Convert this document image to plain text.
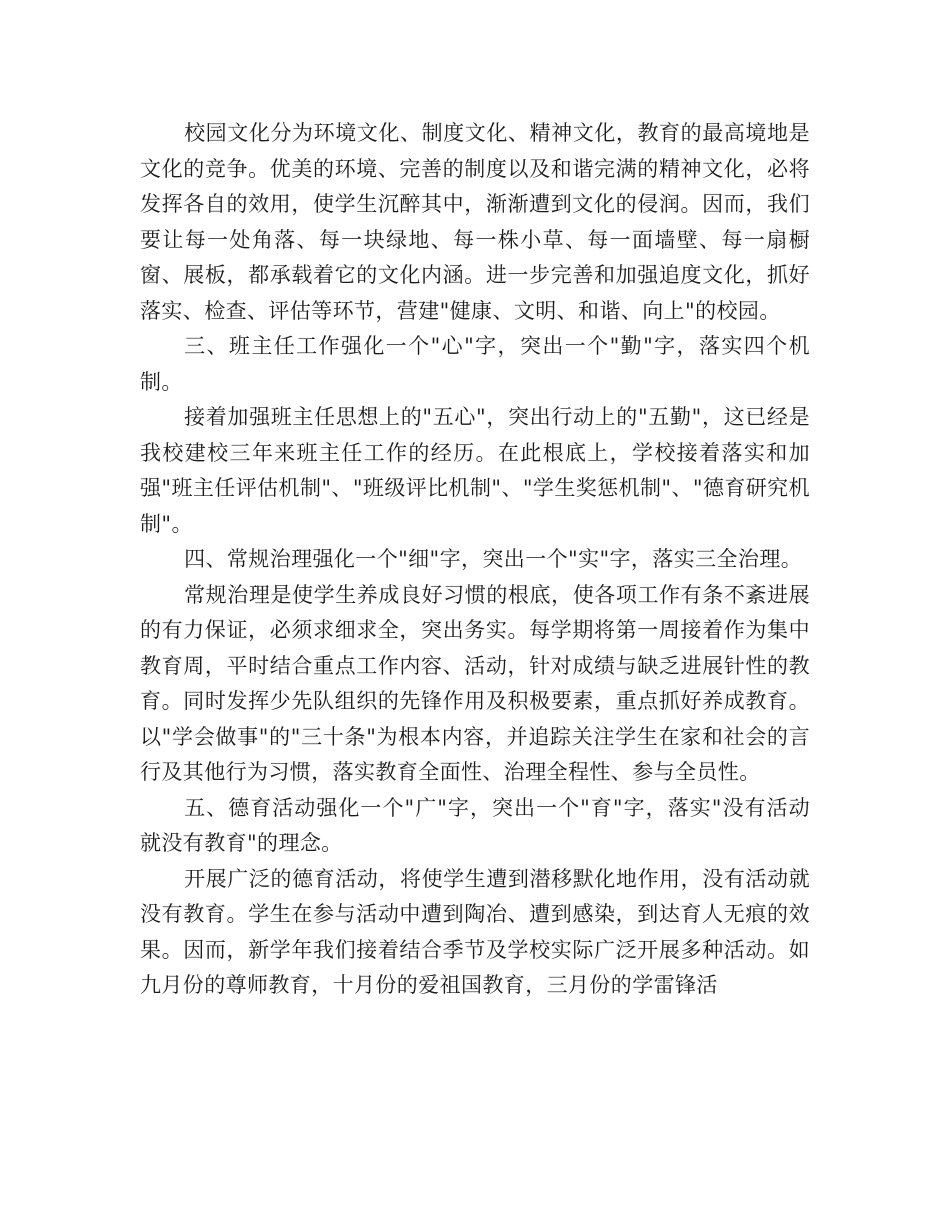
校园文化分为环境文化、制度文化、精神文化，教育的最高境地是文化的竞争。优美的环境、完善的制度以及和谐完满的精神文化，必将发挥各自的效用，使学生沉醉其中，渐渐遭到文化的侵润。因而，我们要让每一处角落、每一块绿地、每一株小草、每一面墙壁、每一扇橱窗、展板，都承载着它的文化内涵。进一步完善和加强追度文化，抓好落实、检查、评估等环节，营建"健康、文明、和谐、向上"的校园。

三、班主任工作强化一个"心"字，突出一个"勤"字，落实四个机制。

接着加强班主任思想上的"五心"，突出行动上的"五勤"，这已经是我校建校三年来班主任工作的经历。在此根底上，学校接着落实和加强"班主任评估机制"、"班级评比机制"、"学生奖惩机制"、"德育研究机制"。

四、常规治理强化一个"细"字，突出一个"实"字，落实三全治理。

常规治理是使学生养成良好习惯的根底，使各项工作有条不紊进展的有力保证，必须求细求全，突出务实。每学期将第一周接着作为集中教育周，平时结合重点工作内容、活动，针对成绩与缺乏进展针性的教育。同时发挥少先队组织的先锋作用及积极要素，重点抓好养成教育。以"学会做事"的"三十条"为根本内容，并追踪关注学生在家和社会的言行及其他行为习惯，落实教育全面性、治理全程性、参与全员性。

五、德育活动强化一个"广"字，突出一个"育"字，落实"没有活动就没有教育"的理念。

开展广泛的德育活动，将使学生遭到潜移默化地作用，没有活动就没有教育。学生在参与活动中遭到陶冶、遭到感染，到达育人无痕的效果。因而，新学年我们接着结合季节及学校实际广泛开展多种活动。如九月份的尊师教育，十月份的爱祖国教育，三月份的学雷锋活
